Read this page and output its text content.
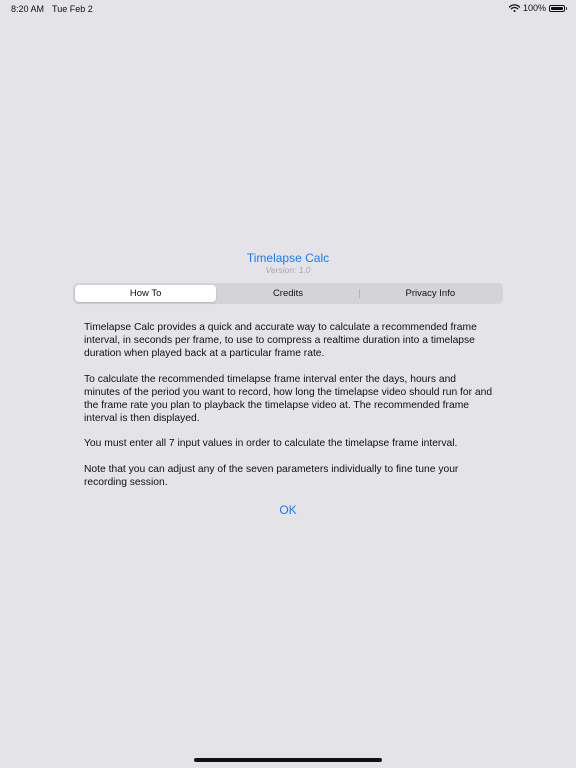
8:20 AM Tue Feb 2	100%
Timelapse Calc
Version: 1.0
How To	Credits	Privacy Info

Timelapse Calc provides a quick and accurate way to calculate a recommended frame interval, in seconds per frame, to use to compress a realtime duration into a timelapse duration when played back at a particular frame rate.

To calculate the recommended timelapse frame interval enter the days, hours and minutes of the period you want to record, how long the timelapse video should run for and the frame rate you plan to playback the timelapse video at. The recommended frame interval is then displayed.

You must enter all 7 input values in order to calculate the timelapse frame interval.

Note that you can adjust any of the seven parameters individually to fine tune your recording session.

OK
